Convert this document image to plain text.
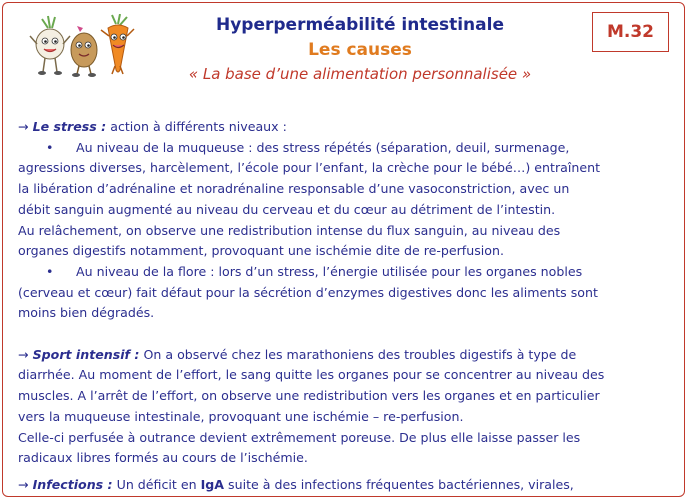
Hyperperméabilité intestinale
Les causes
« La base d’une alimentation personnalisée »
M.32

→ Le stress : action à différents niveaux :

• Au niveau de la muqueuse : des stress répétés (séparation, deuil, surmenage,

agressions diverses, harcèlement, l’école pour l’enfant, la crèche pour le bébé…) entraînent

la libération d’adrénaline et noradrénaline responsable d’une vasoconstriction, avec un

débit sanguin augmenté au niveau du cerveau et du cœur au détriment de l’intestin.

Au relâchement, on observe une redistribution intense du flux sanguin, au niveau des

organes digestifs notamment, provoquant une ischémie dite de re-perfusion.

• Au niveau de la flore : lors d’un stress, l’énergie utilisée pour les organes nobles

(cerveau et cœur) fait défaut pour la sécrétion d’enzymes digestives donc les aliments sont

moins bien dégradés.

→ Sport intensif : On a observé chez les marathoniens des troubles digestifs à type de

diarrhée. Au moment de l’effort, le sang quitte les organes pour se concentrer au niveau des

muscles. A l’arrêt de l’effort, on observe une redistribution vers les organes et en particulier

vers la muqueuse intestinale, provoquant une ischémie – re-perfusion.

Celle-ci perfusée à outrance devient extrêmement poreuse. De plus elle laisse passer les

radicaux libres formés au cours de l’ischémie.

→ Infections : Un déficit en IgA suite à des infections fréquentes bactériennes, virales,
